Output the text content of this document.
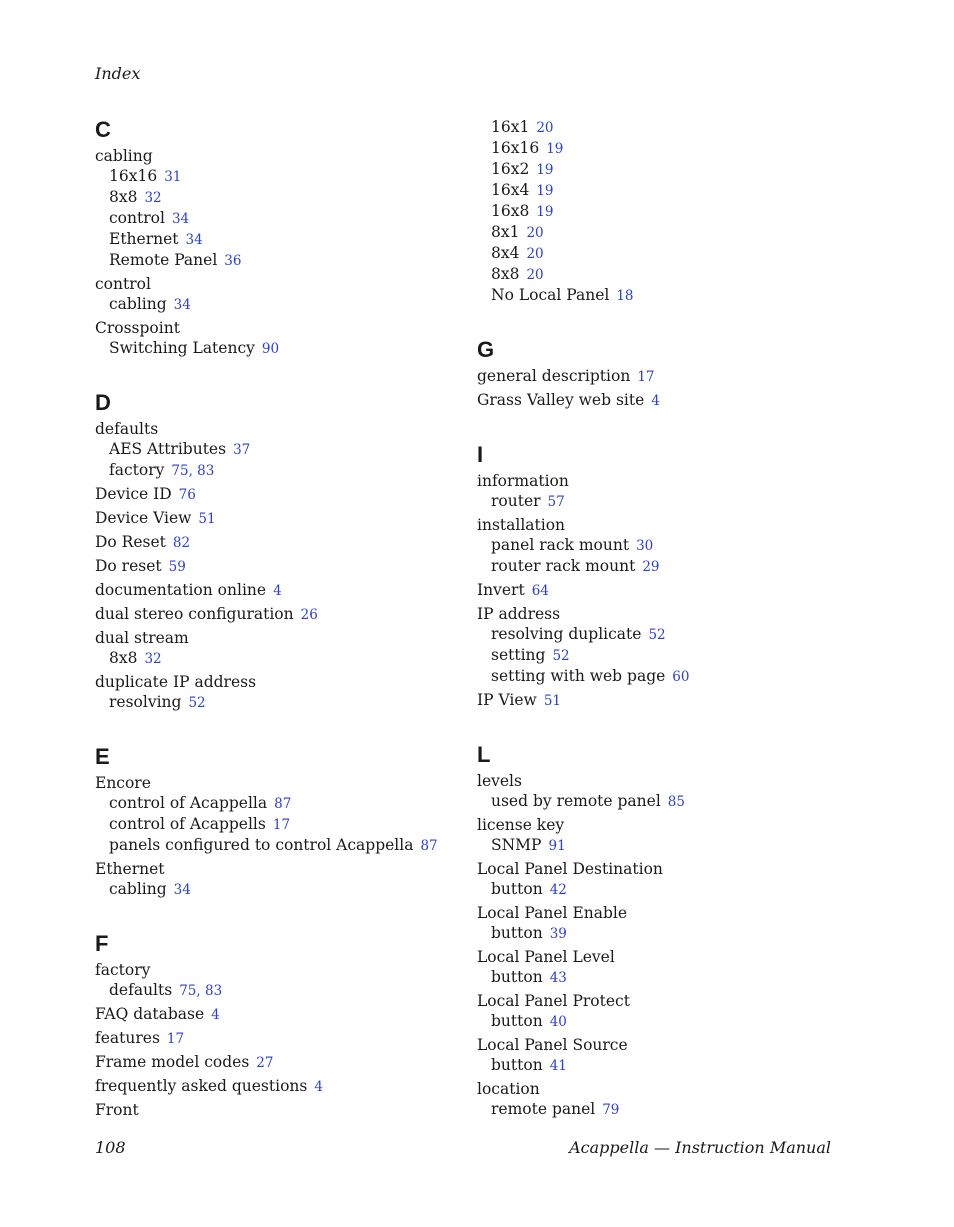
Index
C
cabling
16x16 31
8x8 32
control 34
Ethernet 34
Remote Panel 36
control
cabling 34
Crosspoint
Switching Latency 90
D
defaults
AES Attributes 37
factory 75, 83
Device ID 76
Device View 51
Do Reset 82
Do reset 59
documentation online 4
dual stereo configuration 26
dual stream
8x8 32
duplicate IP address
resolving 52
E
Encore
control of Acappella 87
control of Acappells 17
panels configured to control Acappella 87
Ethernet
cabling 34
F
factory
defaults 75, 83
FAQ database 4
features 17
Frame model codes 27
frequently asked questions 4
Front
16x1 20
16x16 19
16x2 19
16x4 19
16x8 19
8x1 20
8x4 20
8x8 20
No Local Panel 18
G
general description 17
Grass Valley web site 4
I
information
router 57
installation
panel rack mount 30
router rack mount 29
Invert 64
IP address
resolving duplicate 52
setting 52
setting with web page 60
IP View 51
L
levels
used by remote panel 85
license key
SNMP 91
Local Panel Destination
button 42
Local Panel Enable
button 39
Local Panel Level
button 43
Local Panel Protect
button 40
Local Panel Source
button 41
location
remote panel 79
108	Acappella — Instruction Manual
